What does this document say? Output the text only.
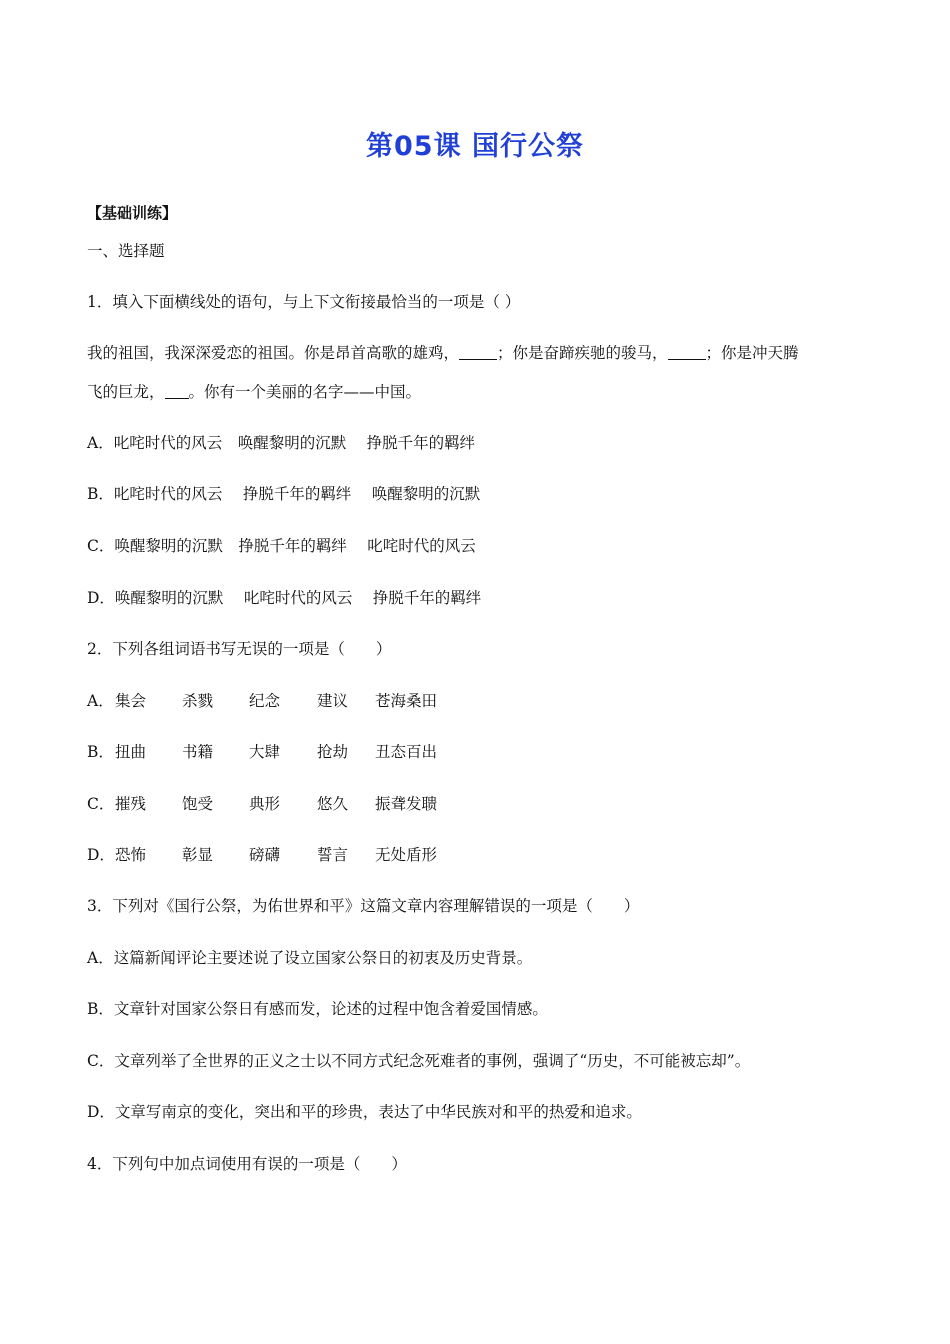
第05课 国行公祭
【基础训练】
一、选择题
1．填入下面横线处的语句，与上下文衔接最恰当的一项是（ ）
我的祖国，我深深爱恋的祖国。你是昂首高歌的雄鸡， ；你是奋蹄疾驰的骏马， ；你是冲天腾
飞的巨龙， 。你有一个美丽的名字——中国。
A．叱咤时代的风云　唤醒黎明的沉默　 挣脱千年的羁绊
B．叱咤时代的风云　 挣脱千年的羁绊　 唤醒黎明的沉默
C．唤醒黎明的沉默　挣脱千年的羁绊　 叱咤时代的风云
D．唤醒黎明的沉默　 叱咤时代的风云　 挣脱千年的羁绊
2．下列各组词语书写无误的一项是（　　）
A．集会 杀戮 纪念 建议 苍海桑田
B．扭曲 书籍 大肆 抢劫 丑态百出
C．摧残 饱受 典形 悠久 振聋发聩
D．恐怖 彰显 磅礴 誓言 无处盾形
3．下列对《国行公祭，为佑世界和平》这篇文章内容理解错误的一项是（　　）
A．这篇新闻评论主要述说了设立国家公祭日的初衷及历史背景。
B．文章针对国家公祭日有感而发，论述的过程中饱含着爱国情感。
C．文章列举了全世界的正义之士以不同方式纪念死难者的事例，强调了“历史，不可能被忘却”。
D．文章写南京的变化，突出和平的珍贵，表达了中华民族对和平的热爱和追求。
4．下列句中加点词使用有误的一项是（　　）
